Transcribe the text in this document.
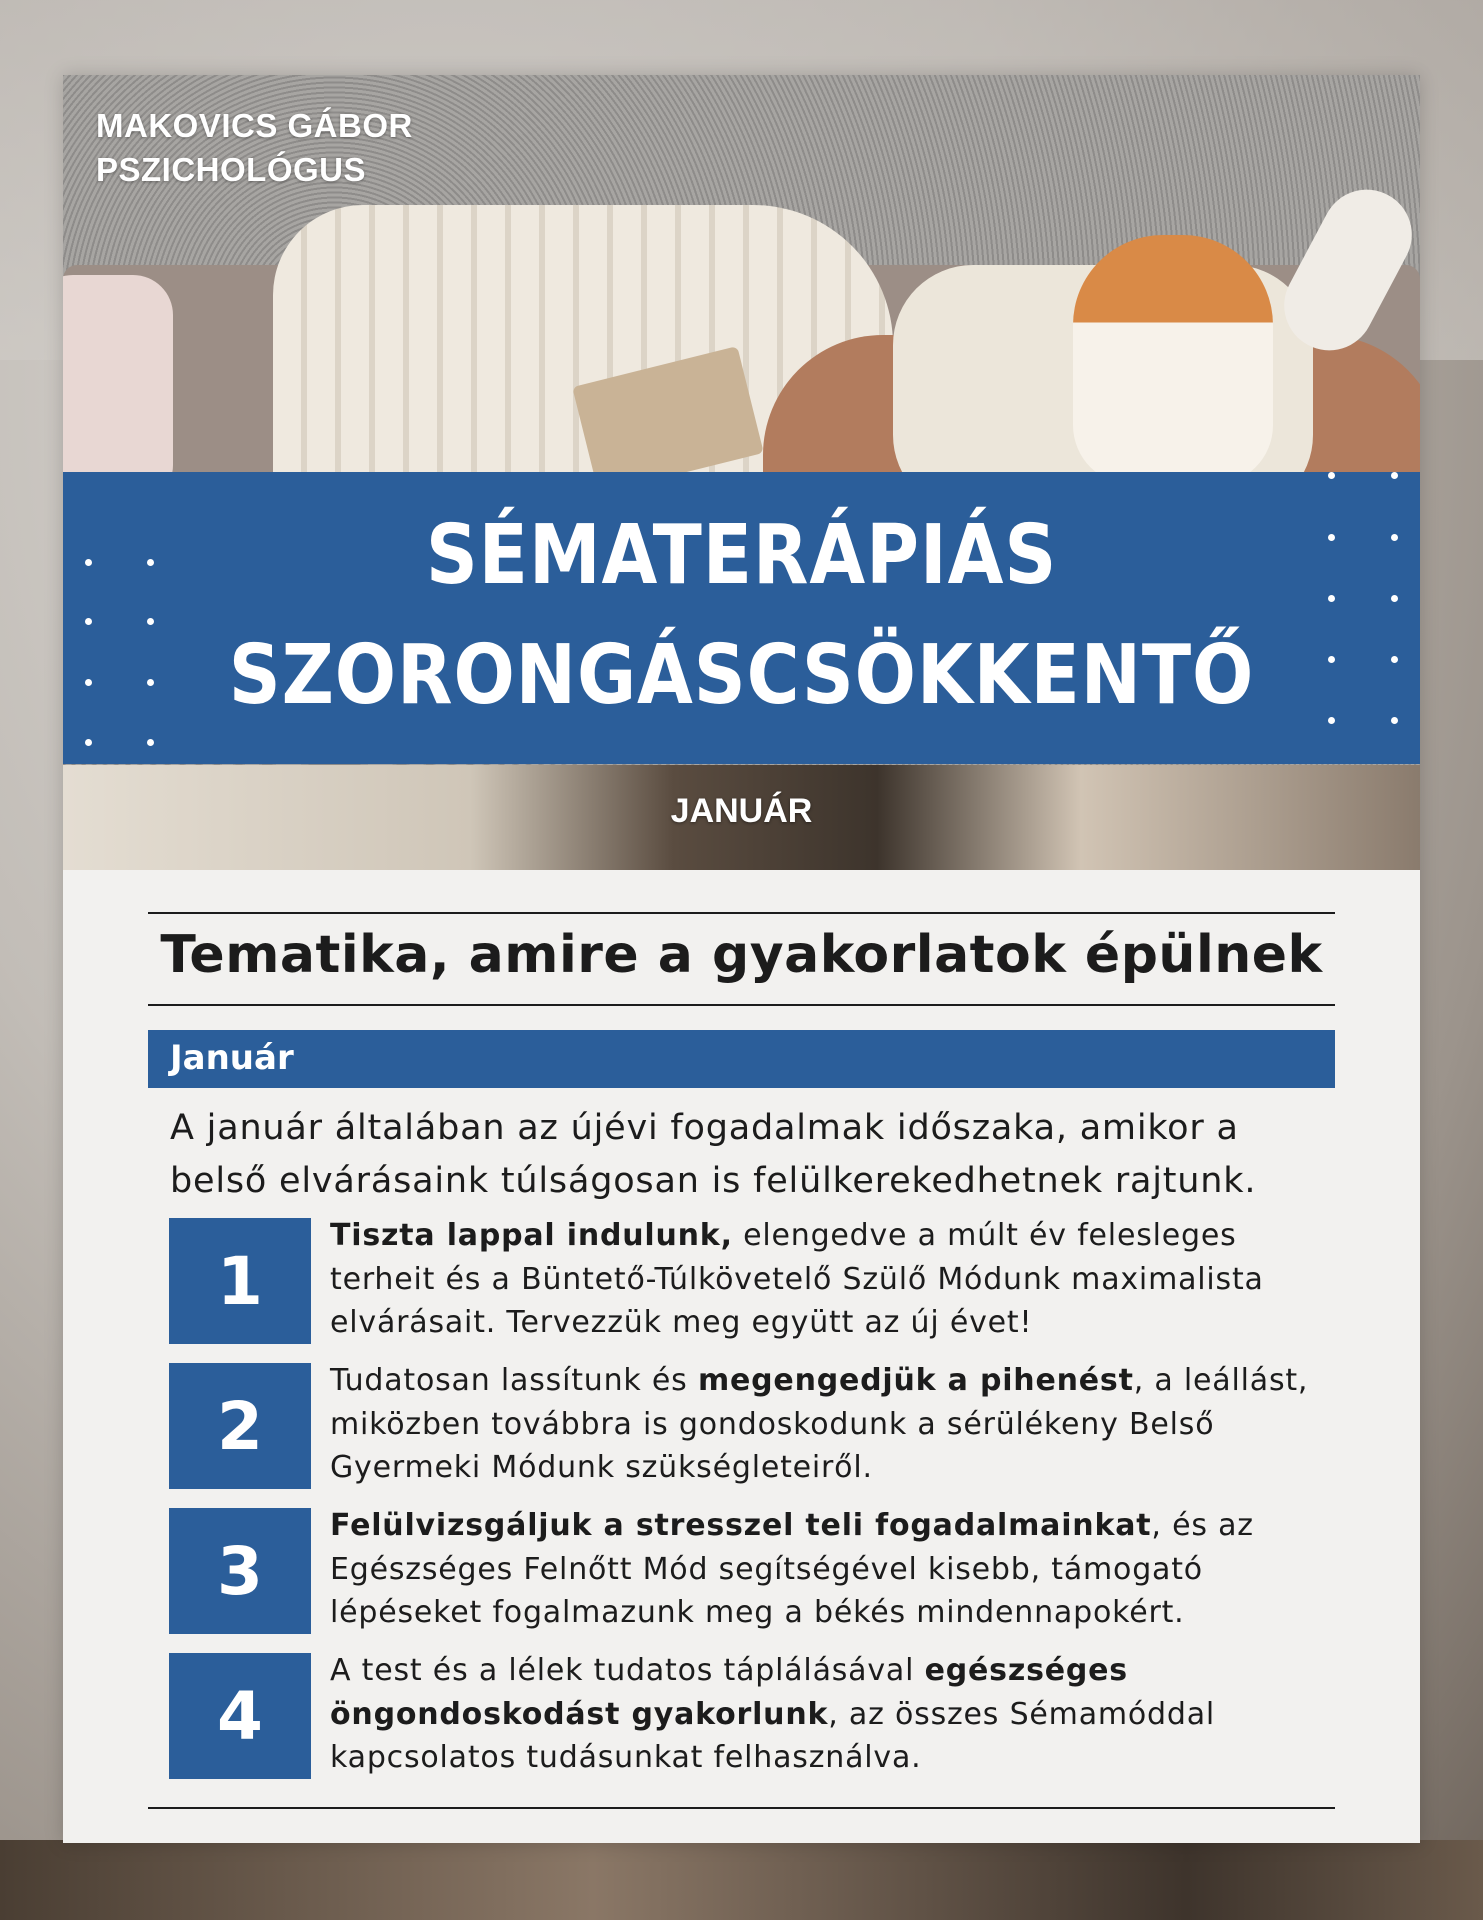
MAKOVICS GÁBOR
PSZICHOLÓGUS
SÉMATERÁPIÁS
SZORONGÁSCSÖKKENTŐ
JANUÁR
Tematika, amire a gyakorlatok épülnek
Január
A január általában az újévi fogadalmak időszaka, amikor a belső elvárásaink túlságosan is felülkerekedhetnek rajtunk.
1
Tiszta lappal indulunk, elengedve a múlt év felesleges terheit és a Büntető-Túlkövetelő Szülő Módunk maximalista elvárásait. Tervezzük meg együtt az új évet!
2
Tudatosan lassítunk és megengedjük a pihenést, a leállást, miközben továbbra is gondoskodunk a sérülékeny Belső Gyermeki Módunk szükségleteiről.
3
Felülvizsgáljuk a stresszel teli fogadalmainkat, és az Egészséges Felnőtt Mód segítségével kisebb, támogató lépéseket fogalmazunk meg a békés mindennapokért.
4
A test és a lélek tudatos táplálásával egészséges öngondoskodást gyakorlunk, az összes Sémamóddal kapcsolatos tudásunkat felhasználva.
